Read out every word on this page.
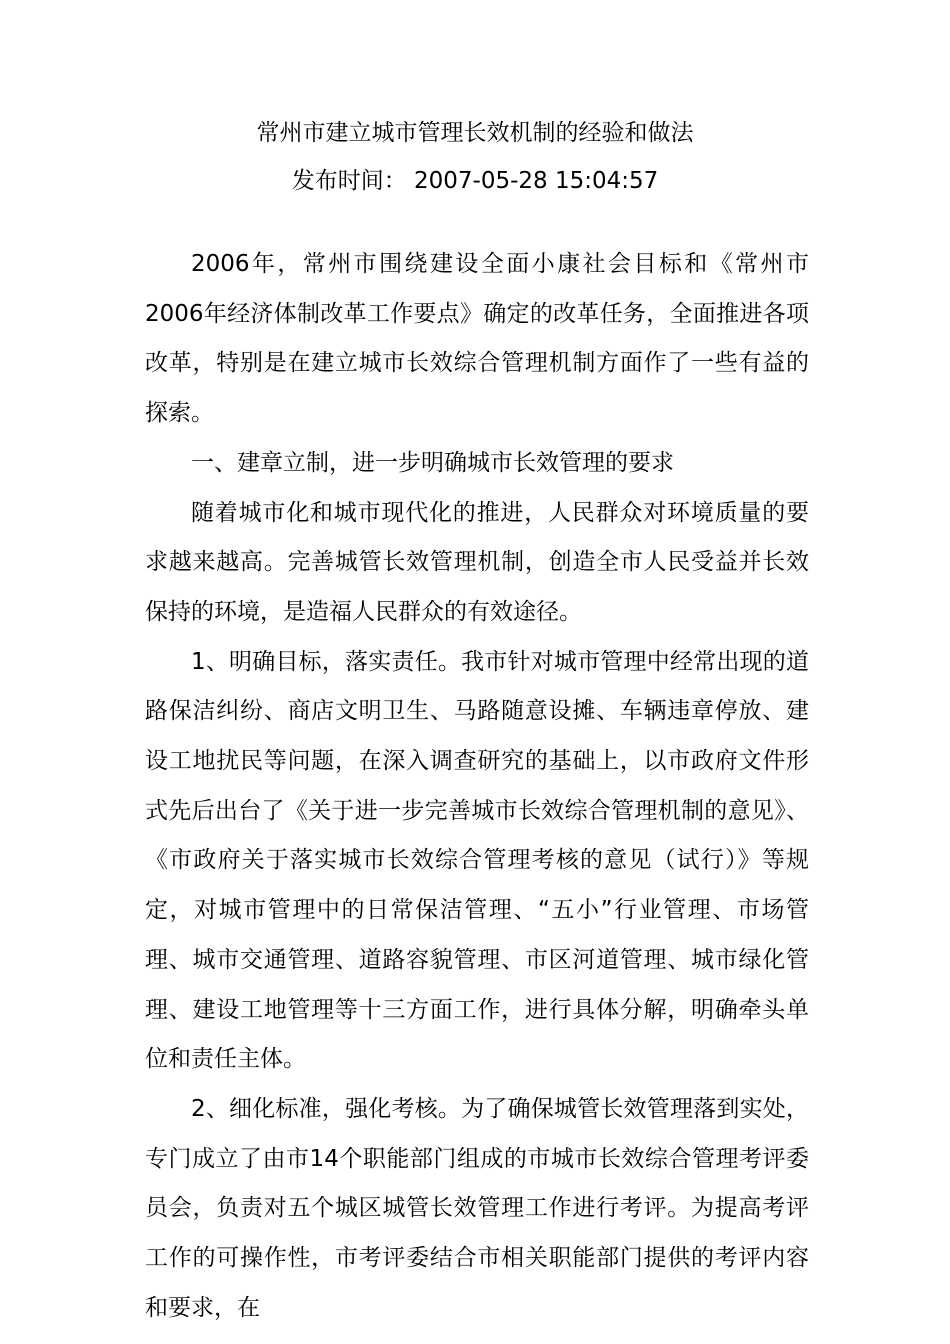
常州市建立城市管理长效机制的经验和做法
发布时间： 2007-05-28 15:04:57

2006年，常州市围绕建设全面小康社会目标和《常州市2006年经济体制改革工作要点》确定的改革任务，全面推进各项改革，特别是在建立城市长效综合管理机制方面作了一些有益的探索。

一、建章立制，进一步明确城市长效管理的要求

随着城市化和城市现代化的推进，人民群众对环境质量的要求越来越高。完善城管长效管理机制，创造全市人民受益并长效保持的环境，是造福人民群众的有效途径。

1、明确目标，落实责任。我市针对城市管理中经常出现的道路保洁纠纷、商店文明卫生、马路随意设摊、车辆违章停放、建设工地扰民等问题，在深入调查研究的基础上，以市政府文件形式先后出台了《关于进一步完善城市长效综合管理机制的意见》、《市政府关于落实城市长效综合管理考核的意见（试行）》等规定，对城市管理中的日常保洁管理、“五小”行业管理、市场管理、城市交通管理、道路容貌管理、市区河道管理、城市绿化管理、建设工地管理等十三方面工作，进行具体分解，明确牵头单位和责任主体。

2、细化标准，强化考核。为了确保城管长效管理落到实处，专门成立了由市14个职能部门组成的市城市长效综合管理考评委员会，负责对五个城区城管长效管理工作进行考评。为提高考评工作的可操作性，市考评委结合市相关职能部门提供的考评内容和要求，在
